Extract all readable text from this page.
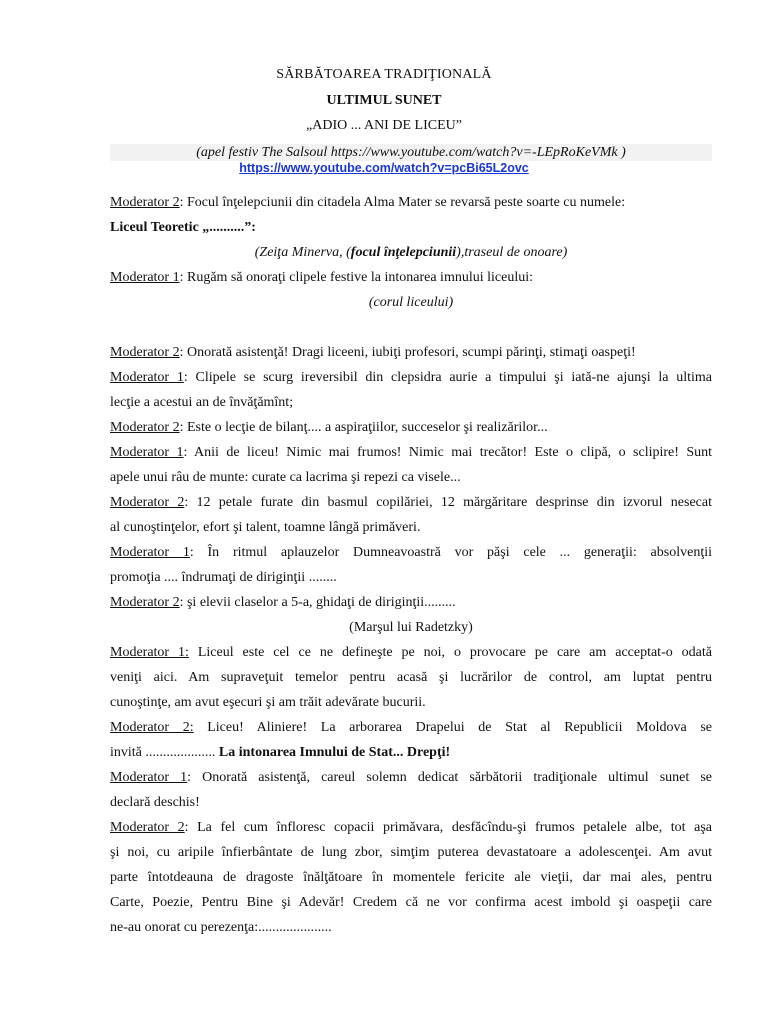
SĂRBĂTOAREA TRADIŢIONALĂ
ULTIMUL SUNET
„ADIO ... ANI DE LICEU”
(apel festiv The Salsoul https://www.youtube.com/watch?v=-LEpRoKeVMk )
https://www.youtube.com/watch?v=pcBi65L2ovc
Moderator 2: Focul înţelepciunii din citadela Alma Mater se revarsă peste soarte cu numele:
Liceul Teoretic „..........”:
(Zeiţa Minerva, (focul înţelepciunii),traseul de onoare)
Moderator 1: Rugăm să onoraţi clipele festive la intonarea imnului liceului:
(corul liceului)
Moderator 2: Onorată asistenţă! Dragi liceeni, iubiţi profesori, scumpi părinţi, stimaţi oaspeţi!
Moderator 1: Clipele se scurg ireversibil din clepsidra aurie a timpului şi iată-ne ajunşi la ultima
lecţie a acestui an de învăţămînt;
Moderator 2: Este o lecţie de bilanţ.... a aspiraţiilor, succeselor şi realizărilor...
Moderator 1: Anii de liceu! Nimic mai frumos! Nimic mai trecător! Este o clipă, o sclipire! Sunt
apele unui râu de munte: curate ca lacrima şi repezi ca visele...
Moderator 2: 12 petale furate din basmul copilăriei, 12 mărgăritare desprinse din izvorul nesecat
al cunoştinţelor, efort şi talent, toamne lângă primăveri.
Moderator 1: În ritmul aplauzelor Dumneavoastră vor păşi cele ... generaţii: absolvenţii
promoţia .... îndrumaţi de diriginţii ........
Moderator 2: şi elevii claselor a 5-a, ghidaţi de diriginţii.........
(Marşul lui Radetzky)
Moderator 1: Liceul este cel ce ne defineşte pe noi, o provocare pe care am acceptat-o odată
veniţi aici. Am supraveţuit temelor pentru acasă şi lucrărilor de control, am luptat pentru
cunoştinţe, am avut eşecuri şi am trăit adevărate bucurii.
Moderator 2: Liceu! Aliniere! La arborarea Drapelui de Stat al Republicii Moldova se
invită .................... La intonarea Imnului de Stat... Drepţi!
Moderator 1: Onorată asistenţă, careul solemn dedicat sărbătorii tradiţionale ultimul sunet se
declară deschis!
Moderator 2: La fel cum înfloresc copacii primăvara, desfăcîndu-şi frumos petalele albe, tot aşa
şi noi, cu aripile înfierbântate de lung zbor, simţim puterea devastatoare a adolescenţei. Am avut
parte întotdeauna de dragoste înălţătoare în momentele fericite ale vieţii, dar mai ales, pentru
Carte, Poezie, Pentru Bine şi Adevăr! Credem că ne vor confirma acest imbold şi oaspeţii care
ne-au onorat cu perezenţa:.....................
